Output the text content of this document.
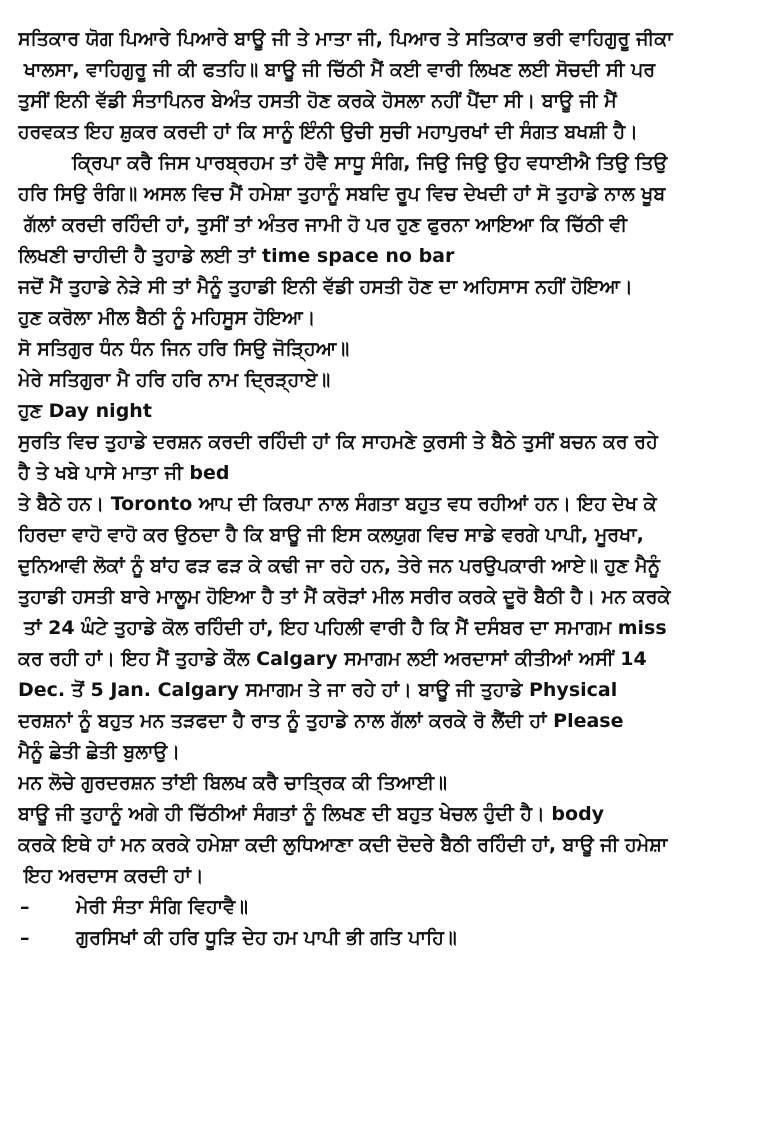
ਸਤਿਕਾਰ ਯੋਗ ਪਿਆਰੇ ਪਿਆਰੇ ਬਾਊ ਜੀ ਤੇ ਮਾਤਾ ਜੀ, ਪਿਆਰ ਤੇ ਸਤਿਕਾਰ ਭਰੀ ਵਾਹਿਗੁਰੂ ਜੀਕਾ
ਖਾਲਸਾ, ਵਾਹਿਗੁਰੂ ਜੀ ਕੀ ਫਤਹਿ॥ ਬਾਊ ਜੀ ਚਿੱਠੀ ਮੈਂ ਕਈ ਵਾਰੀ ਲਿਖਣ ਲਈ ਸੋਚਦੀ ਸੀ ਪਰ
ਤੁਸੀਂ ਇਨੀ ਵੱਡੀ ਸੰਤਾਪਿਨਰ ਬੇਅੰਤ ਹਸਤੀ ਹੋਣ ਕਰਕੇ ਹੋਸਲਾ ਨਹੀਂ ਪੈਂਦਾ ਸੀ। ਬਾਊ ਜੀ ਮੈਂ
ਹਰਵਕਤ ਇਹ ਸ਼ੁਕਰ ਕਰਦੀ ਹਾਂ ਕਿ ਸਾਨੂੰ ਇੰਨੀ ਉਚੀ ਸੁਚੀ ਮਹਾਪੁਰਖਾਂ ਦੀ ਸੰਗਤ ਬਖਸ਼ੀ ਹੈ।
ਕ੍ਰਿਪਾ ਕਰੈ ਜਿਸ ਪਾਰਬ੍ਰਹਮ ਤਾਂ ਹੋਵੈ ਸਾਧੂ ਸੰਗਿ, ਜਿਉ ਜਿਉ ਉਹ ਵਧਾਈਐ ਤਿਉ ਤਿਉ
ਹਰਿ ਸਿਉ ਰੰਗਿ॥ ਅਸਲ ਵਿਚ ਮੈਂ ਹਮੇਸ਼ਾ ਤੁਹਾਨੂੰ ਸਬਦਿ ਰੂਪ ਵਿਚ ਦੇਖਦੀ ਹਾਂ ਸੋ ਤੁਹਾਡੇ ਨਾਲ ਖੂਬ
ਗੱਲਾਂ ਕਰਦੀ ਰਹਿੰਦੀ ਹਾਂ, ਤੁਸੀਂ ਤਾਂ ਅੰਤਰ ਜਾਮੀ ਹੋ ਪਰ ਹੁਣ ਫੁਰਨਾ ਆਇਆ ਕਿ ਚਿੱਠੀ ਵੀ
ਲਿਖਣੀ ਚਾਹੀਦੀ ਹੈ ਤੁਹਾਡੇ ਲਈ ਤਾਂ time space no bar
ਜਦੋਂ ਮੈਂ ਤੁਹਾਡੇ ਨੇੜੇ ਸੀ ਤਾਂ ਮੈਨੂੰ ਤੁਹਾਡੀ ਇਨੀ ਵੱਡੀ ਹਸਤੀ ਹੋਣ ਦਾ ਅਹਿਸਾਸ ਨਹੀਂ ਹੋਇਆ।
ਹੁਣ ਕਰੋਲਾ ਮੀਲ ਬੈਠੀ ਨੂੰ ਮਹਿਸੂਸ ਹੋਇਆ।
ਸੋ ਸਤਿਗੁਰ ਧੰਨ ਧੰਨ ਜਿਨ ਹਰਿ ਸਿਉ ਜੋੜ੍ਹਿਆ॥
ਮੇਰੇ ਸਤਿਗੁਰਾ ਮੈ ਹਰਿ ਹਰਿ ਨਾਮ ਦ੍ਰਿੜ੍ਹਾਏ॥
ਹੁਣ Day night
ਸੁਰਤਿ ਵਿਚ ਤੁਹਾਡੇ ਦਰਸ਼ਨ ਕਰਦੀ ਰਹਿੰਦੀ ਹਾਂ ਕਿ ਸਾਹਮਣੇ ਕੁਰਸੀ ਤੇ ਬੈਠੇ ਤੁਸੀਂ ਬਚਨ ਕਰ ਰਹੇ
ਹੈ ਤੇ ਖਬੇ ਪਾਸੇ ਮਾਤਾ ਜੀ bed
ਤੇ ਬੈਠੇ ਹਨ। Toronto ਆਪ ਦੀ ਕਿਰਪਾ ਨਾਲ ਸੰਗਤਾ ਬਹੁਤ ਵਧ ਰਹੀਆਂ ਹਨ। ਇਹ ਦੇਖ ਕੇ
ਹਿਰਦਾ ਵਾਹੋ ਵਾਹੋ ਕਰ ਉਠਦਾ ਹੈ ਕਿ ਬਾਊ ਜੀ ਇਸ ਕਲਯੁਗ ਵਿਚ ਸਾਡੇ ਵਰਗੇ ਪਾਪੀ, ਮੂਰਖਾ,
ਦੁਨਿਆਵੀ ਲੋਕਾਂ ਨੂੰ ਬਾਂਹ ਫੜ ਫੜ ਕੇ ਕਢੀ ਜਾ ਰਹੇ ਹਨ, ਤੇਰੇ ਜਨ ਪਰਉਪਕਾਰੀ ਆਏ॥ ਹੁਣ ਮੈਨੂੰ
ਤੁਹਾਡੀ ਹਸਤੀ ਬਾਰੇ ਮਾਲੂਮ ਹੋਇਆ ਹੈ ਤਾਂ ਮੈਂ ਕਰੋੜਾਂ ਮੀਲ ਸਰੀਰ ਕਰਕੇ ਦੂਰੋ ਬੈਠੀ ਹੈ। ਮਨ ਕਰਕੇ
ਤਾਂ 24 ਘੰਟੇ ਤੁਹਾਡੇ ਕੋਲ ਰਹਿੰਦੀ ਹਾਂ, ਇਹ ਪਹਿਲੀ ਵਾਰੀ ਹੈ ਕਿ ਮੈਂ ਦਸੰਬਰ ਦਾ ਸਮਾਗਮ miss
ਕਰ ਰਹੀ ਹਾਂ। ਇਹ ਮੈਂ ਤੁਹਾਡੇ ਕੌਲ Calgary ਸਮਾਗਮ ਲਈ ਅਰਦਾਸਾਂ ਕੀਤੀਆਂ ਅਸੀਂ 14
Dec. ਤੋਂ 5 Jan. Calgary ਸਮਾਗਮ ਤੇ ਜਾ ਰਹੇ ਹਾਂ। ਬਾਊ ਜੀ ਤੁਹਾਡੇ Physical
ਦਰਸ਼ਨਾਂ ਨੂੰ ਬਹੁਤ ਮਨ ਤੜਫਦਾ ਹੈ ਰਾਤ ਨੂੰ ਤੁਹਾਡੇ ਨਾਲ ਗੱਲਾਂ ਕਰਕੇ ਰੋ ਲੈਂਦੀ ਹਾਂ Please
ਮੈਨੂੰ ਛੇਤੀ ਛੇਤੀ ਬੁਲਾਉ।
ਮਨ ਲੋਚੇ ਗੁਰਦਰਸ਼ਨ ਤਾਂਈ ਬਿਲਖ ਕਰੈ ਚਾਤ੍ਰਿਕ ਕੀ ਤਿਆਈ॥
ਬਾਊ ਜੀ ਤੁਹਾਨੂੰ ਅਗੇ ਹੀ ਚਿੱਠੀਆਂ ਸੰਗਤਾਂ ਨੂੰ ਲਿਖਣ ਦੀ ਬਹੁਤ ਖੇਚਲ ਹੁੰਦੀ ਹੈ। body
ਕਰਕੇ ਇਥੇ ਹਾਂ ਮਨ ਕਰਕੇ ਹਮੇਸ਼ਾ ਕਦੀ ਲੁਧਿਆਣਾ ਕਦੀ ਦੋਦਰੇ ਬੈਠੀ ਰਹਿੰਦੀ ਹਾਂ, ਬਾਊ ਜੀ ਹਮੇਸ਼ਾ
ਇਹ ਅਰਦਾਸ ਕਰਦੀ ਹਾਂ।
– ਮੇਰੀ ਸੰਤਾ ਸੰਗਿ ਵਿਹਾਵੈ॥
– ਗੁਰਸਿਖਾਂ ਕੀ ਹਰਿ ਧੂੜਿ ਦੇਹ ਹਮ ਪਾਪੀ ਭੀ ਗਤਿ ਪਾਹਿ॥
